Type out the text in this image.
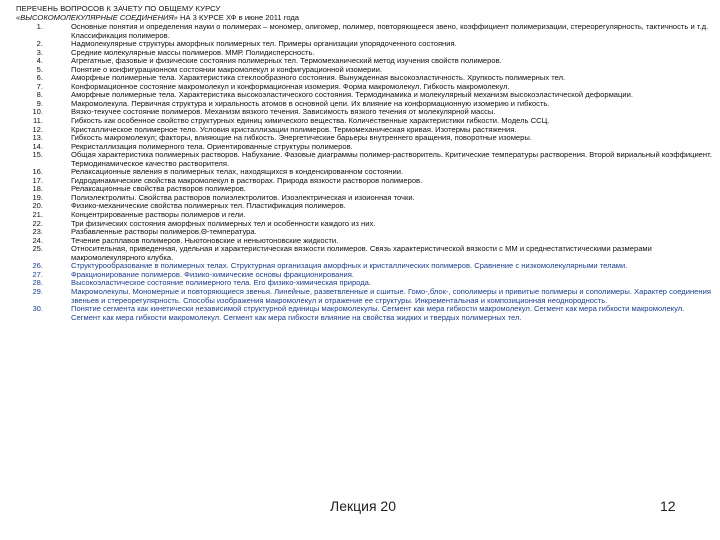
ПЕРЕЧЕНЬ ВОПРОСОВ К ЗАЧЕТУ ПО ОБЩЕМУ КУРСУ
«ВЫСОКОМОЛЕКУЛЯРНЫЕ СОЕДИНЕНИЯ» НА 3 КУРСЕ ХФ в июне 2011 года
1.	Основные понятия и определения науки о полимерах – мономер, олигомер, полимер, повторяющееся звено, коэффициент полимеризации, стереорегулярность, тактичность и т.д. Классификация полимеров.
2.	Надмолекулярные структуры аморфных полимерных тел. Примеры организации упорядоченного состояния.
3.	Средние молекулярные массы полимеров. ММР. Полидисперсность.
4.	Агрегатные, фазовые и физические состояния полимерных тел. Термомеханический метод изучения свойств полимеров.
5.	Понятие о конфигурационном состоянии макромолекул и конфигурационной изомерии.
6.	Аморфные полимерные тела. Характеристика стеклообразного состояния. Вынужденная высокоэластичность. Хрупкость полимерных тел.
7.	Конформационное состояние макромолекул и конформационная изомерия. Форма макромолекул. Гибкость макромолекул.
8.	Аморфные полимерные тела. Характеристика высокоэластического состояния. Термодинамика и молекулярный механизм высокоэластической деформации.
9.	Макромолекула. Первичная структура и хиральность атомов в основной цепи. Их влияние на конформационную изомерию и гибкость.
10.	Вязко-текучее состояние полимеров. Механизм вязкого течения. Зависимость вязкого течения от молекулярной массы.
11.	Гибкость как особенное свойство структурных единиц химического вещества. Количественные характеристики гибкости. Модель ССЦ.
12.	Кристаллическое полимерное тело. Условия кристаллизации полимеров. Термомеханическая кривая. Изотермы растяжения.
13.	Гибкость макромолекул; факторы, влияющие на гибкость. Энергетические барьеры внутреннего вращения, поворотные изомеры.
14.	Рекристаллизация полимерного тела. Ориентированные структуры полимеров.
15.	Общая характеристика полимерных растворов. Набухание. Фазовые диаграммы полимер-растворитель. Критические температуры растворения. Второй вириальный коэффициент. Термодинамическое качество растворителя.
16.	Релаксационные явления в полимерных телах, находящихся в конденсированном состоянии.
17.	Гидродинамические свойства макромолекул в растворах. Природа вязкости растворов полимеров.
18.	Релаксационные свойства растворов полимеров.
19.	Полиэлектролиты. Свойства растворов полиэлектролитов. Изоэлектрическая и изоионная точки.
20.	Физико-механические свойства полимерных тел. Пластификация полимеров.
21.	Концентрированные растворы полимеров и гели.
22.	Три физических состояния аморфных полимерных тел и особенности каждого из них.
23.	Разбавленные растворы полимеров.Θ-температура.
24.	Течение расплавов полимеров. Ньютоновские и неньютоновские жидкости.
25.	Относительная, приведенная, удельная и характеристическая вязкости полимеров. Связь характеристической вязкости с ММ и среднестатистическими размерами макромолекулярного клубка.
26.	Структурообразование в полимерных телах. Структурная организация аморфных и кристаллических полимеров. Сравнение с низкомолекулярными телами.
27.	Фракционирование полимеров. Физико-химические основы фракционирования.
28.	Высокоэластическое состояние полимерного тела. Его физико-химическая природа.
29.	Макромолекулы. Мономерные и повторяющиеся звенья. Линейные, разветвленные и сшитые. Гомо-,блок-, сополимеры и привитые полимеры и сополимеры. Характер соединения звеньев и стереорегулярность. Способы изображения макромолекул и отражение ее структуры. Инкрементальная и композиционная неоднородность.
30.	Понятие сегмента как кинетически независимой структурной единицы макромолекулы. Сегмент как мера гибкости макромолекул. Сегмент как мера гибкости макромолекул. Сегмент как мера гибкости макромолекул. Сегмент как мера гибкости влияние на свойства жидких и твердых полимерных тел.
Лекция 20	12
